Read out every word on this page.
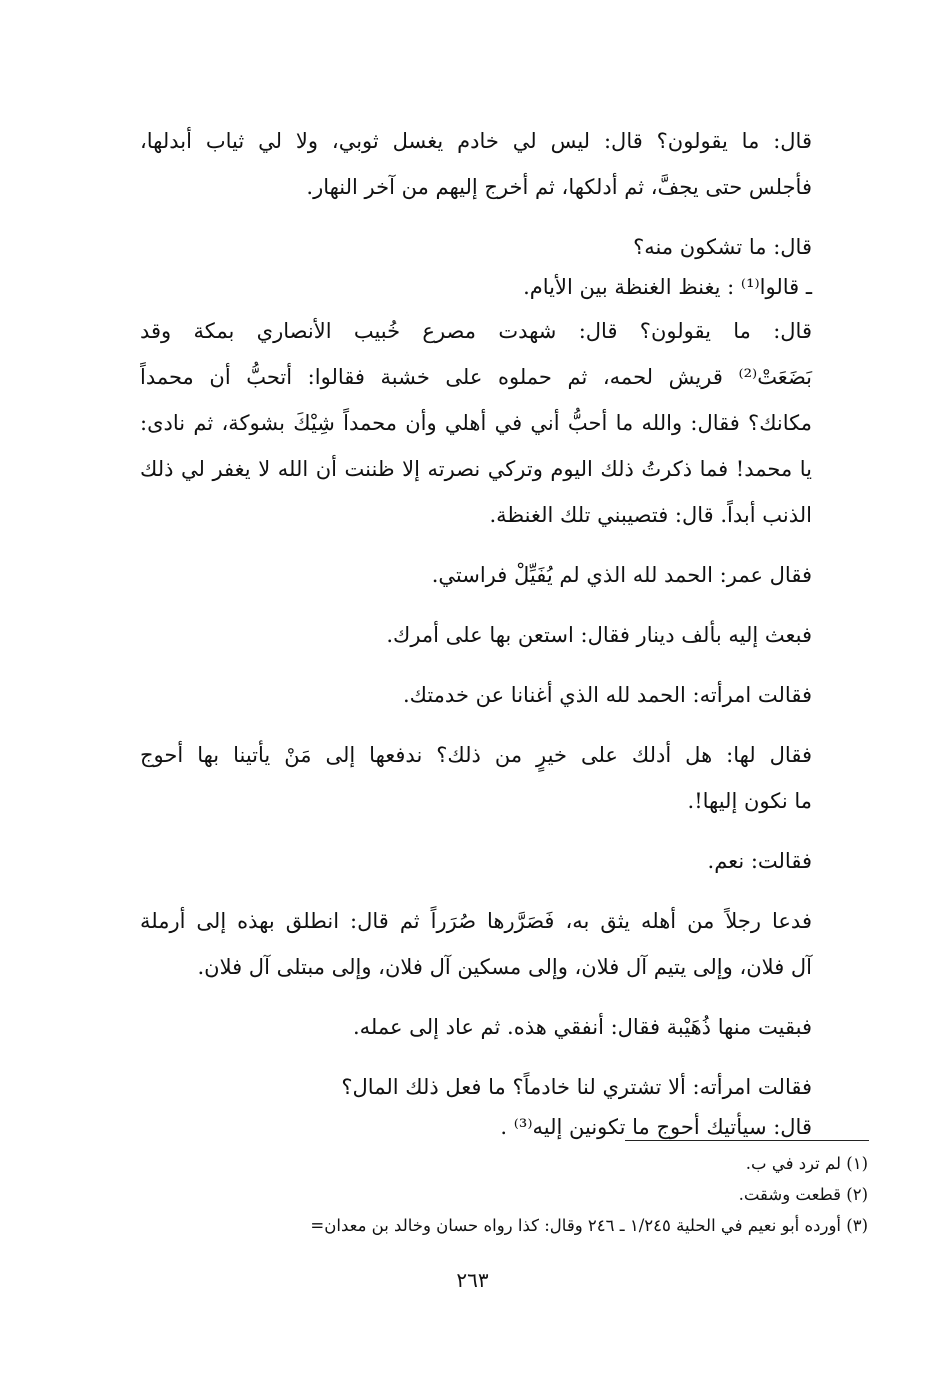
قال: ما يقولون؟ قال: ليس لي خادم يغسل ثوبي، ولا لي ثياب أبدلها،
فأجلس حتى يجفَّ، ثم أدلكها، ثم أخرج إليهم من آخر النهار.
قال: ما تشكون منه؟
ـ قالوا⁽¹⁾ : يغنظ الغنظة بين الأيام.
قال: ما يقولون؟ قال: شهدت مصرع خُبيب الأنصاري بمكة وقد
بَضَعَتْ⁽²⁾ قريش لحمه، ثم حملوه على خشبة فقالوا: أتحبُّ أن محمداً
مكانك؟ فقال: والله ما أحبُّ أني في أهلي وأن محمداً شِيْكَ بشوكة، ثم نادى:
يا محمد! فما ذكرتُ ذلك اليوم وتركي نصرته إلا ظننت أن الله لا يغفر لي ذلك
الذنب أبداً. قال: فتصيبني تلك الغنظة.
فقال عمر: الحمد لله الذي لم يُفَيِّلْ فراستي.
فبعث إليه بألف دينار فقال: استعن بها على أمرك.
فقالت امرأته: الحمد لله الذي أغنانا عن خدمتك.
فقال لها: هل أدلك على خيرٍ من ذلك؟ ندفعها إلى مَنْ يأتينا بها أحوج
ما نكون إليها!.
فقالت: نعم.
فدعا رجلاً من أهله يثق به، فَصَرَّرها صُرَراً ثم قال: انطلق بهذه إلى أرملة
آل فلان، وإلى يتيم آل فلان، وإلى مسكين آل فلان، وإلى مبتلى آل فلان.
فبقيت منها ذُهَيْبة فقال: أنفقي هذه. ثم عاد إلى عمله.
فقالت امرأته: ألا تشتري لنا خادماً؟ ما فعل ذلك المال؟
قال: سيأتيك أحوج ما تكونين إليه⁽³⁾ .
(١) لم ترد في ب.
(٢) قطعت وشقت.
(٣) أورده أبو نعيم في الحلية ١/٢٤٥ ـ ٢٤٦ وقال: كذا رواه حسان وخالد بن معدان=
٢٦٣
